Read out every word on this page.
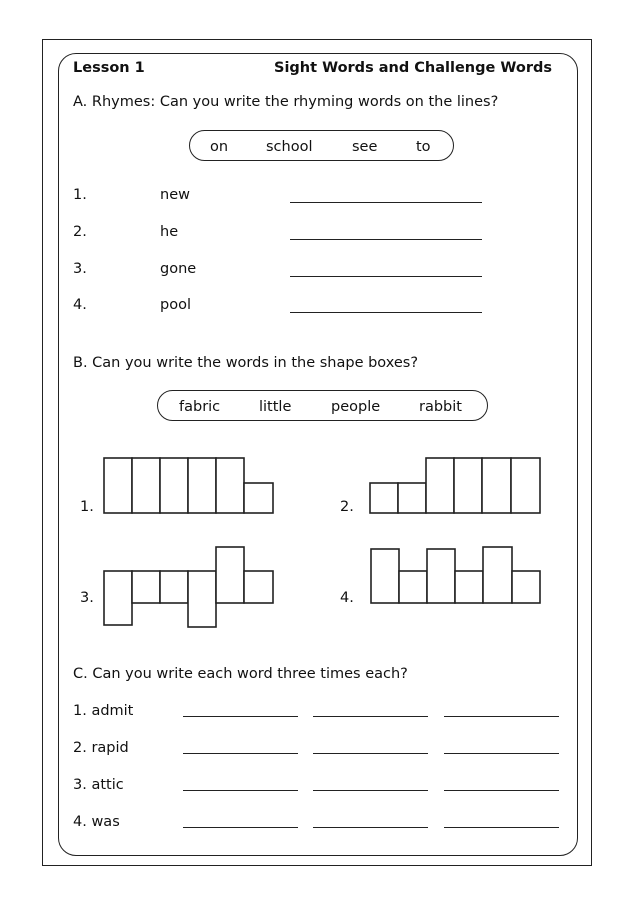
Lesson 1	Sight Words and Challenge Words
A. Rhymes: Can you write the rhyming words on the lines?
on	school	see	to
1.	new
2.	he
3.	gone
4.	pool
B. Can you write the words in the shape boxes?
fabric	little	people	rabbit
1.	2.
3.	4.
C. Can you write each word three times each?
1. admit
2. rapid
3. attic
4. was
